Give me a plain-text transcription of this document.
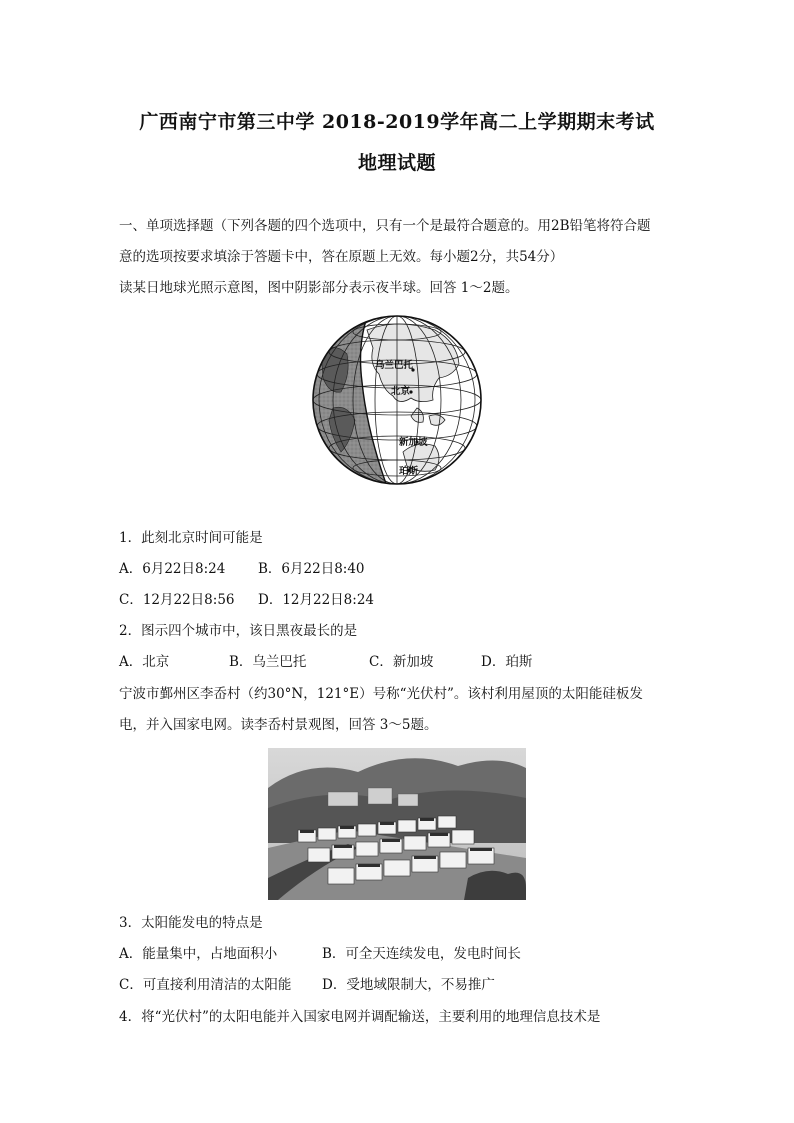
广西南宁市第三中学 2018-2019学年高二上学期期末考试
地理试题

一、单项选择题（下列各题的四个选项中，只有一个是最符合题意的。用2B铅笔将符合题

意的选项按要求填涂于答题卡中，答在原题上无效。每小题2分，共54分）

读某日地球光照示意图，图中阴影部分表示夜半球。回答 1～2题。

乌兰巴托
北京
新加坡
珀斯

1．此刻北京时间可能是

A．6月22日8:24 B．6月22日8:40
C．12月22日8:56 D．12月22日8:24

2．图示四个城市中，该日黑夜最长的是

A．北京	B．乌兰巴托	C．新加坡	D．珀斯

宁波市鄞州区李岙村（约30°N，121°E）号称“光伏村”。该村利用屋顶的太阳能硅板发

电，并入国家电网。读李岙村景观图，回答 3～5题。

3．太阳能发电的特点是

A．能量集中，占地面积小	B．可全天连续发电，发电时间长
C．可直接利用清洁的太阳能 D．受地域限制大，不易推广

4．将“光伏村”的太阳电能并入国家电网并调配输送，主要利用的地理信息技术是
